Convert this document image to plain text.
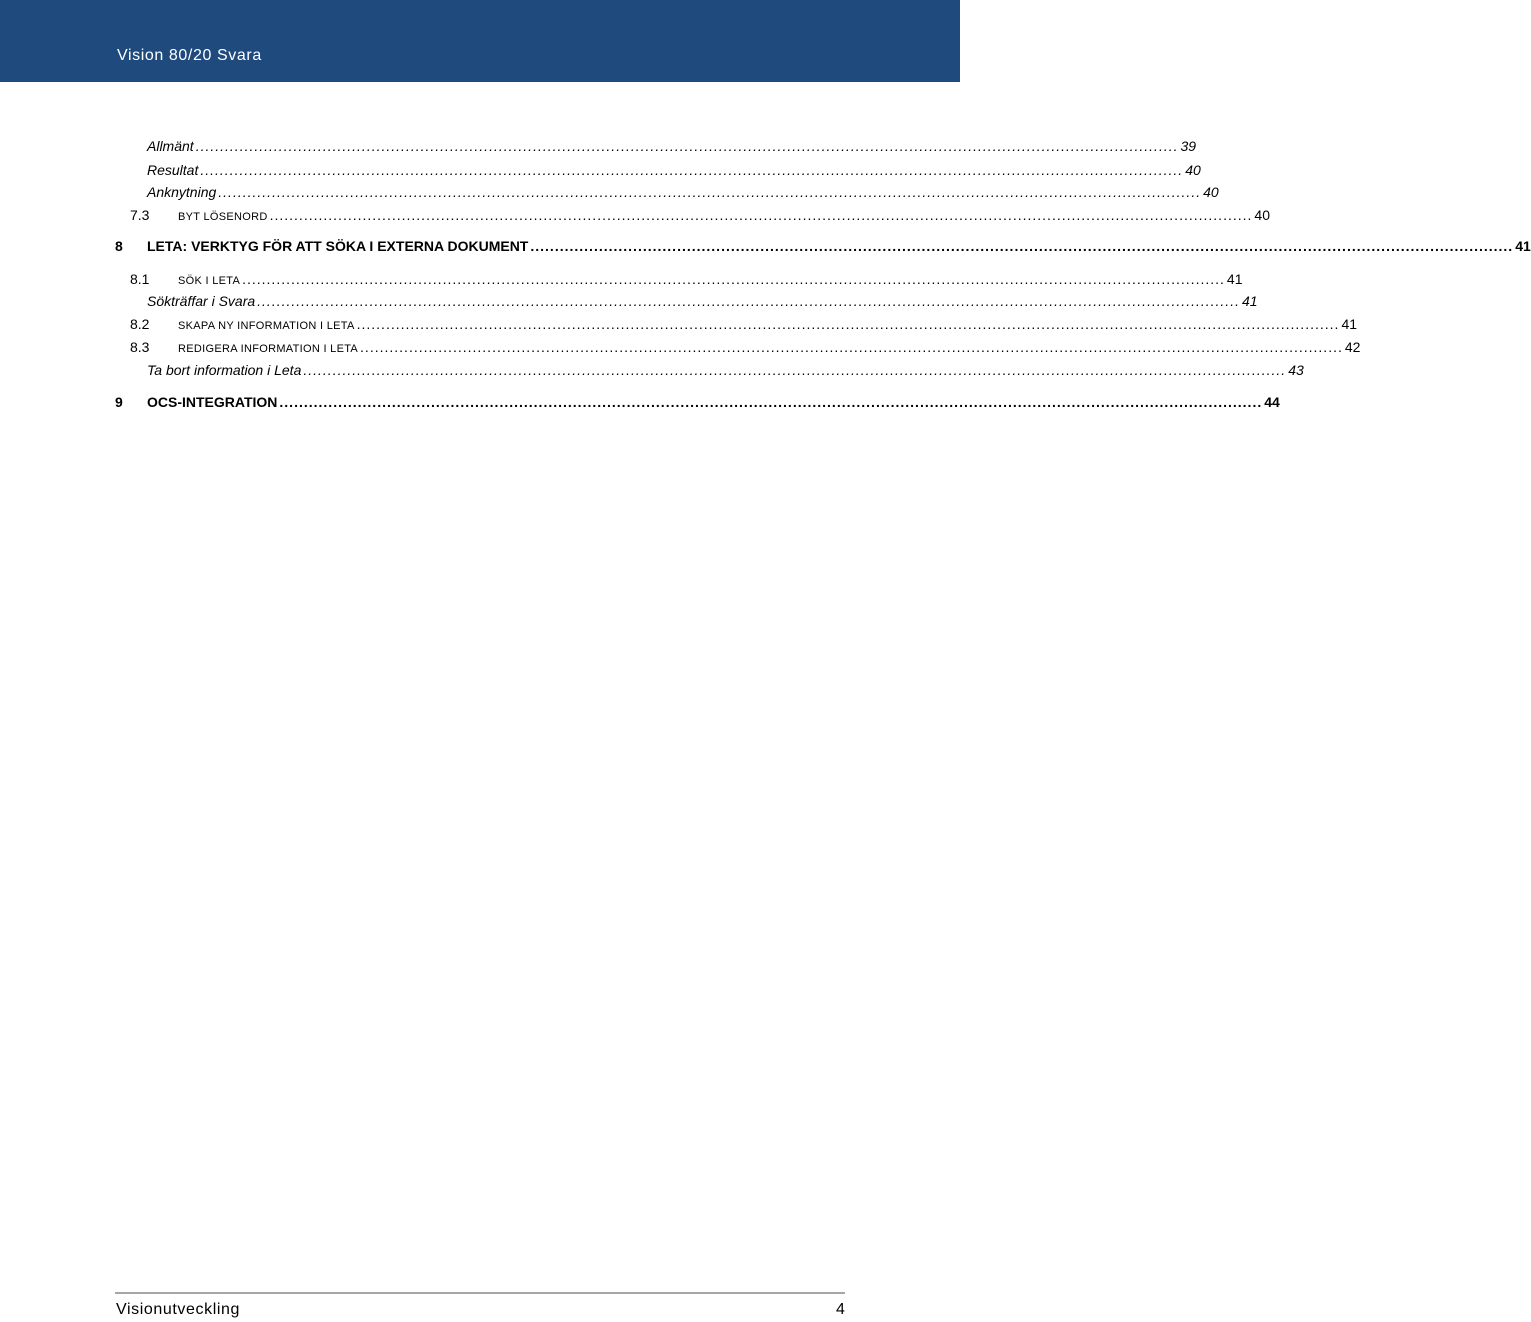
Vision 80/20 Svara
Allmänt ......................................................................................................................................................................................................... 39
Resultat ......................................................................................................................................................................................................... 40
Anknytning ......................................................................................................................................................................................................... 40
7.3	BYT LÖSENORD ......................................................................................................................................................................................................... 40
8 LETA: VERKTYG FÖR ATT SÖKA I EXTERNA DOKUMENT ......................................................................................................................................................................................................... 41
8.1	SÖK I LETA ......................................................................................................................................................................................................... 41
Sökträffar i Svara ......................................................................................................................................................................................................... 41
8.2	SKAPA NY INFORMATION I LETA ......................................................................................................................................................................................................... 41
8.3	REDIGERA INFORMATION I LETA ......................................................................................................................................................................................................... 42
Ta bort information i Leta ......................................................................................................................................................................................................... 43
9 OCS-INTEGRATION ......................................................................................................................................................................................................... 44
Visionutveckling	4
